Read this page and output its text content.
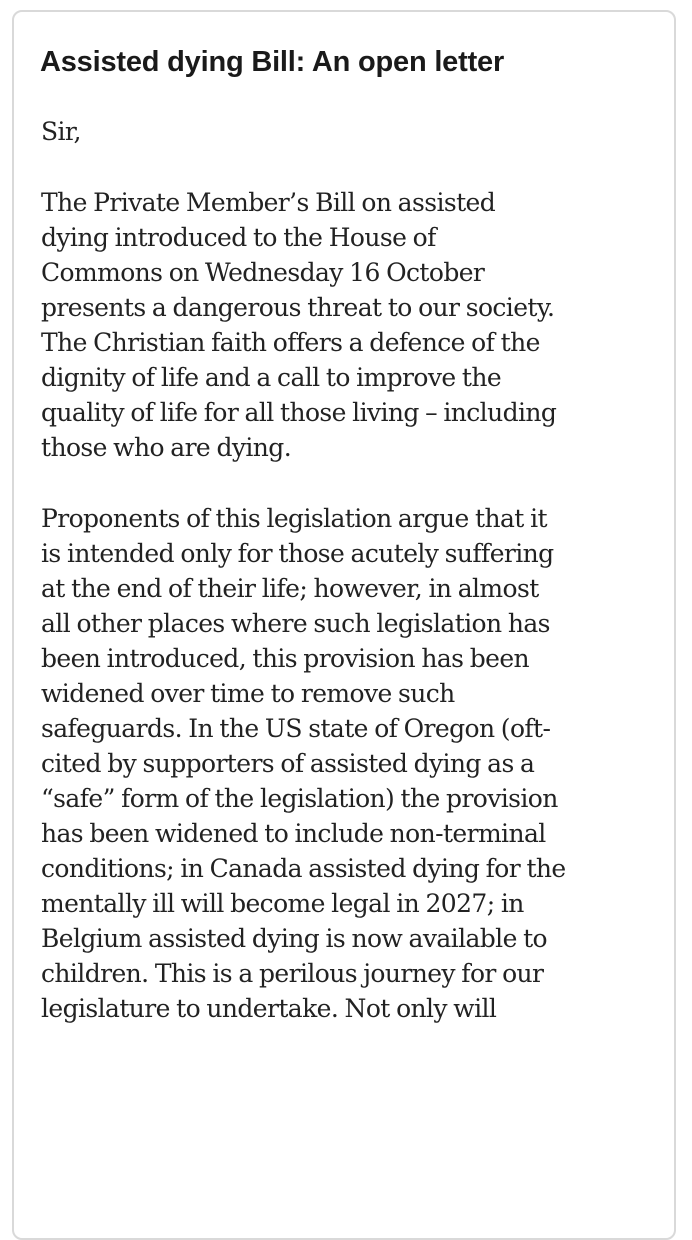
Assisted dying Bill: An open letter
Sir,
The Private Member’s Bill on assisted
dying introduced to the House of
Commons on Wednesday 16 October
presents a dangerous threat to our society.
The Christian faith offers a defence of the
dignity of life and a call to improve the
quality of life for all those living – including
those who are dying.
Proponents of this legislation argue that it
is intended only for those acutely suffering
at the end of their life; however, in almost
all other places where such legislation has
been introduced, this provision has been
widened over time to remove such
safeguards. In the US state of Oregon (oft-
cited by supporters of assisted dying as a
“safe” form of the legislation) the provision
has been widened to include non-terminal
conditions; in Canada assisted dying for the
mentally ill will become legal in 2027; in
Belgium assisted dying is now available to
children. This is a perilous journey for our
legislature to undertake. Not only will
